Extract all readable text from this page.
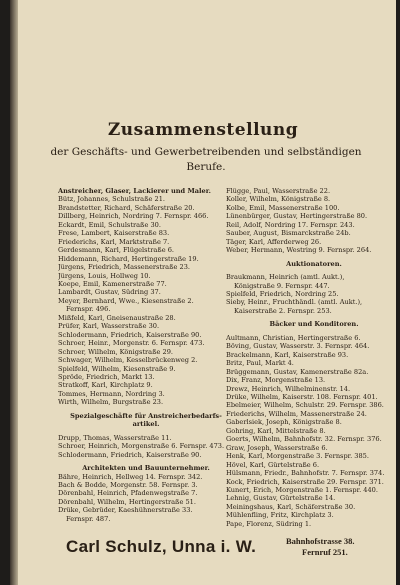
Zusammenstellung
der Geschäfts- und Gewerbetreibenden und selbständigen
Berufe.
Anstreicher, Glaser, Lackierer und Maler.
Bütz, Johannes, Schulstraße 21.
Brandstetter, Richard, Schäferstraße 20.
Dillberg, Heinrich, Nordring 7. Fernspr. 466.
Eckardt, Emil, Schulstraße 30.
Frese, Lambert, Kaiserstraße 83.
Friederichs, Karl, Marktstraße 7.
Gerdesmann, Karl, Flügelstraße 6.
Hiddemann, Richard, Hertingerstraße 19.
Jürgens, Friedrich, Massenerstraße 23.
Jürgens, Louis, Hollweg 10.
Koepe, Emil, Kamenerstraße 77.
Lambardt, Gustav, Südring 37.
Meyer, Bernhard, Wwe., Kiesenstraße 2.
Fernspr. 496.
Mißfeld, Karl, Gneisenaustraße 28.
Prüfer, Karl, Wasserstraße 30.
Schlodermann, Friedrich, Kaiserstraße 90.
Schroer, Heinr., Morgenstr. 6. Fernspr. 473.
Schroer, Wilhelm, Königstraße 29.
Schwager, Wilhelm, Kesselbrückenweg 2.
Spielfeld, Wilhelm, Kiesenstraße 9.
Spröde, Friedrich, Markt 13.
Stratkoff, Karl, Kirchplatz 9.
Tommes, Hermann, Nordring 3.
Wirth, Wilhelm, Burgstraße 23.
Spezialgeschäfte für Anstreicherbedarfs-
artikel.
Drupp, Thomas, Wasserstraße 11.
Schroer, Heinrich, Morgenstraße 6. Fernspr. 473.
Schlodermann, Friedrich, Kaiserstraße 90.
Architekten und Bauunternehmer.
Bähre, Heinrich, Hellweg 14. Fernspr. 342.
Bach & Bodde, Morgenstr. 58. Fernspr. 3.
Dörenbahl, Heinrich, Pfadenwegstraße 7.
Dörenbahl, Wilhelm, Hertingerstraße 51.
Drüke, Gebrüder, Kaeshühnerstraße 33.
Fernspr. 487.
Flügge, Paul, Wasserstraße 22.
Koller, Wilhelm, Königstraße 8.
Kolbe, Emil, Massenerstraße 100.
Lünenbürger, Gustav, Hertingerstraße 80.
Reil, Adolf, Nordring 17. Fernspr. 243.
Sauber, August, Bismarckstraße 24b.
Täger, Karl, Afferderweg 26.
Weber, Hermann, Westring 9. Fernspr. 264.
Auktionatoren.
Braukmann, Heinrich (amtl. Aukt.),
Königstraße 9. Fernspr. 447.
Spielfeld, Friedrich, Nordring 25.
Sieby, Heinr., Fruchthändl. (amtl. Aukt.),
Kaiserstraße 2. Fernspr. 253.
Bäcker und Konditoren.
Aultmann, Christian, Hertingerstraße 6.
Böving, Gustav, Wasserstr. 3. Fernspr. 464.
Brackelmann, Karl, Kaiserstraße 93.
Britz, Paul, Markt 4.
Brüggemann, Gustav, Kamenerstraße 82a.
Dix, Franz, Morgenstraße 13.
Drewz, Heinrich, Wilhelminenstr. 14.
Drüke, Wilhelm, Kaiserstr. 108. Fernspr. 401.
Ebelmeier, Wilhelm, Schulstr. 29. Fernspr. 386.
Friederichs, Wilhelm, Massenerstraße 24.
Gaberlsiek, Joseph, Königstraße 8.
Gohring, Karl, Mittelstraße 8.
Goerts, Wilhelm, Bahnhofstr. 32. Fernspr. 376.
Graw, Joseph, Wasserstraße 6.
Henk, Karl, Morgenstraße 3. Fernspr. 385.
Hövel, Karl, Gürtelstraße 6.
Hülsmann, Friedr., Bahnhofstr. 7. Fernspr. 374.
Kock, Friedrich, Kaiserstraße 29. Fernspr. 371.
Kunert, Erich, Morgenstraße 1. Fernspr. 440.
Lehnig, Gustav, Gürtelstraße 14.
Meiningshaus, Karl, Schäferstraße 30.
Mühlenfling, Fritz, Kirchplatz 3.
Pape, Florenz, Südring 1.
Carl Schulz, Unna i. W.	Bahnhofstrasse 38.
Fernruf 251.
